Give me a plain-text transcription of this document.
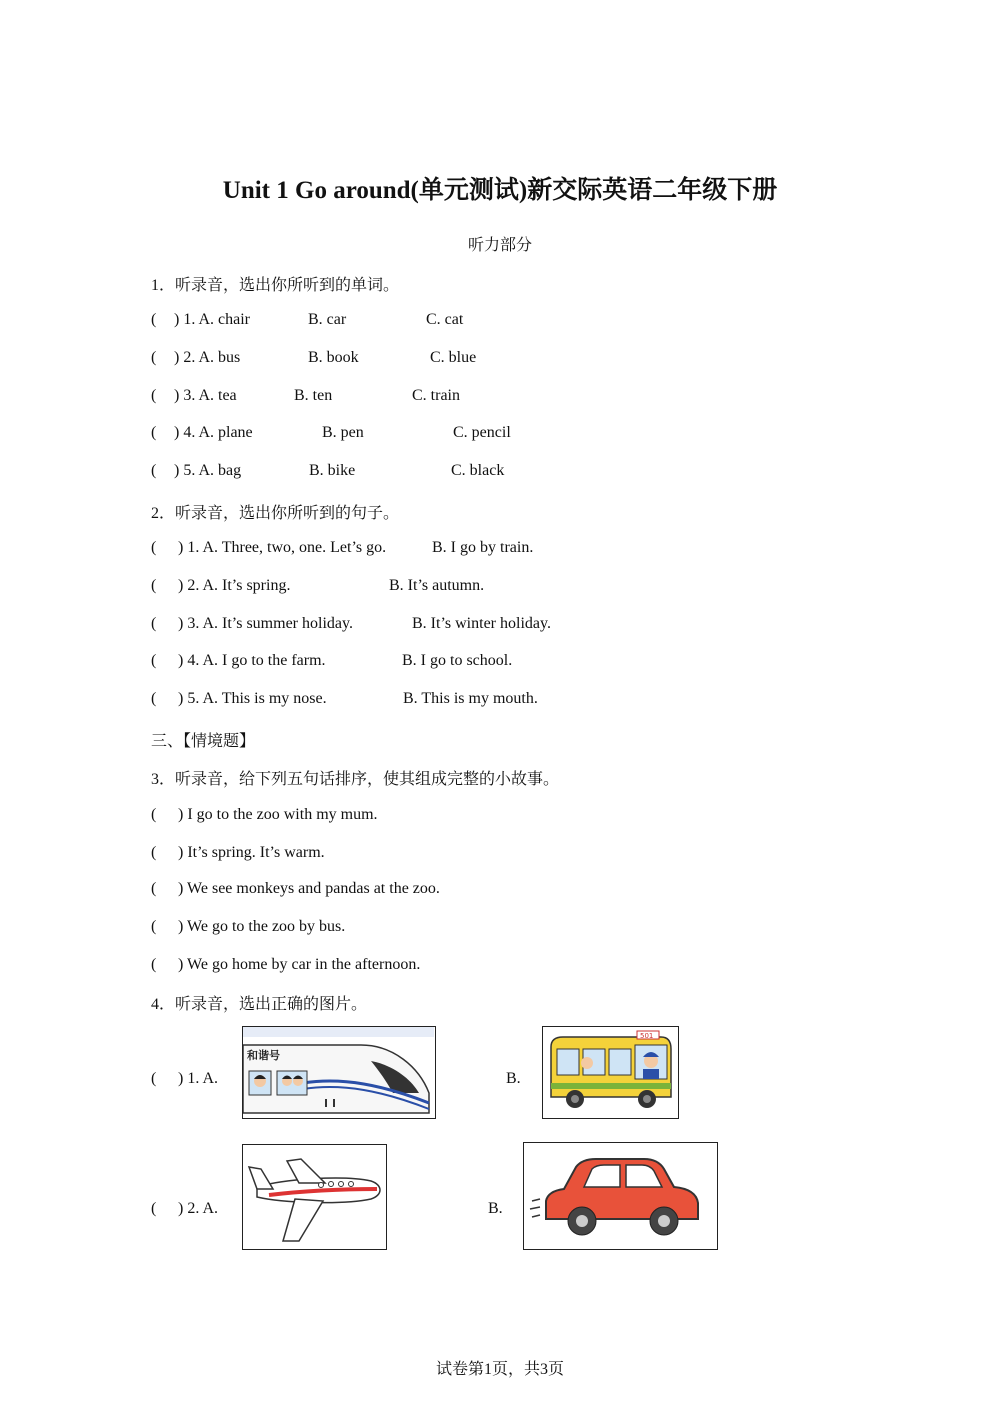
Unit 1 Go around(单元测试)新交际英语二年级下册
听力部分
1．听录音，选出你所听到的单词。
( ) 1. A. chair	B. car	C. cat
( ) 2. A. bus	B. book	C. blue
( ) 3. A. tea	B. ten	C. train
( ) 4. A. plane	B. pen	C. pencil
( ) 5. A. bag	B. bike	C. black
2．听录音，选出你所听到的句子。
( ) 1. A. Three, two, one. Let’s go.	B. I go by train.
( ) 2. A. It’s spring.	B. It’s autumn.
( ) 3. A. It’s summer holiday.	B. It’s winter holiday.
( ) 4. A. I go to the farm.	B. I go to school.
( ) 5. A. This is my nose.	B. This is my mouth.
三、【情境题】
3．听录音，给下列五句话排序，使其组成完整的小故事。
( ) I go to the zoo with my mum.
( ) It’s spring. It’s warm.
( ) We see monkeys and pandas at the zoo.
( ) We go to the zoo by bus.
( ) We go home by car in the afternoon.
4．听录音，选出正确的图片。
( ) 1. A.	B.
和谐号
501
( ) 2. A.	B.
试卷第1页，共3页
